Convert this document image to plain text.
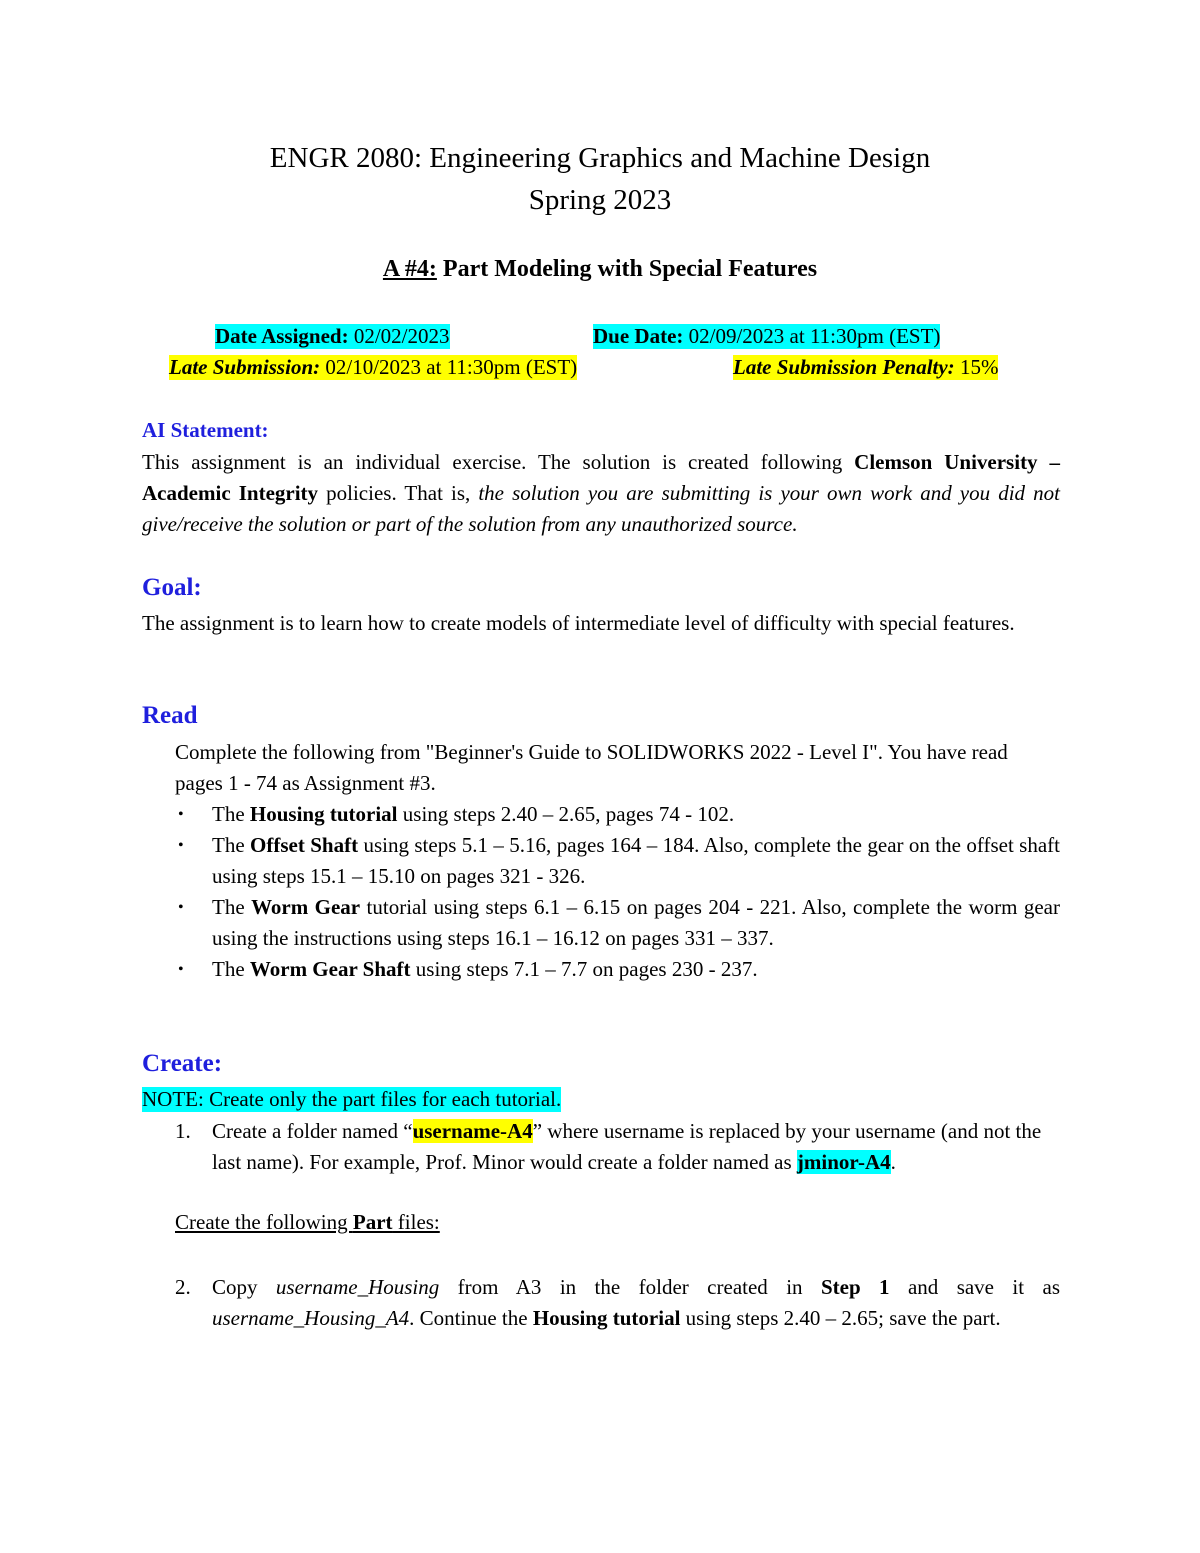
ENGR 2080: Engineering Graphics and Machine Design
Spring 2023
A #4: Part Modeling with Special Features
Date Assigned: 02/02/2023	Due Date: 02/09/2023 at 11:30pm (EST)
Late Submission: 02/10/2023 at 11:30pm (EST)	Late Submission Penalty: 15%
AI Statement:
This assignment is an individual exercise. The solution is created following Clemson University – Academic Integrity policies. That is, the solution you are submitting is your own work and you did not give/receive the solution or part of the solution from any unauthorized source.
Goal:
The assignment is to learn how to create models of intermediate level of difficulty with special features.
Read
Complete the following from "Beginner's Guide to SOLIDWORKS 2022 - Level I". You have read pages 1 - 74 as Assignment #3.
• The Housing tutorial using steps 2.40 – 2.65, pages 74 - 102.
• The Offset Shaft using steps 5.1 – 5.16, pages 164 – 184. Also, complete the gear on the offset shaft using steps 15.1 – 15.10 on pages 321 - 326.
• The Worm Gear tutorial using steps 6.1 – 6.15 on pages 204 - 221. Also, complete the worm gear using the instructions using steps 16.1 – 16.12 on pages 331 – 337.
• The Worm Gear Shaft using steps 7.1 – 7.7 on pages 230 - 237.
Create:
NOTE: Create only the part files for each tutorial.
1. Create a folder named “username-A4” where username is replaced by your username (and not the last name). For example, Prof. Minor would create a folder named as jminor-A4.
Create the following Part files:
2. Copy username_Housing from A3 in the folder created in Step 1 and save it as username_Housing_A4. Continue the Housing tutorial using steps 2.40 – 2.65; save the part.
